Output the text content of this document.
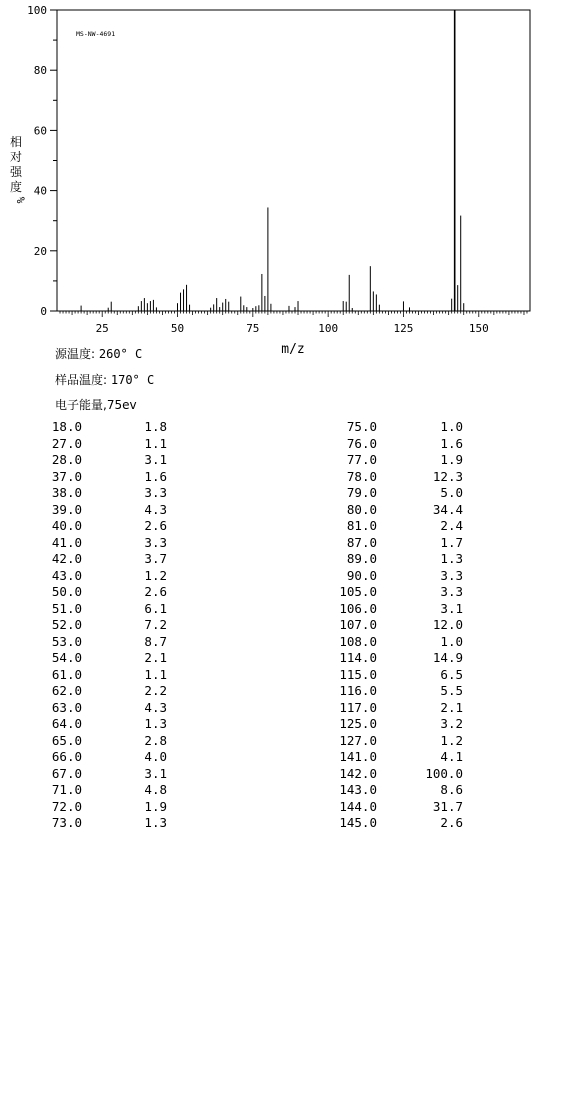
0
20
40
60
80
100
25	50	75	100	125	150
MS-NW-4691
m/z
相对强度
%
源温度: 260° C
样品温度: 170° C
电子能量,75ev
18.0	1.8
27.0	1.1
28.0	3.1
37.0	1.6
38.0	3.3
39.0	4.3
40.0	2.6
41.0	3.3
42.0	3.7
43.0	1.2
50.0	2.6
51.0	6.1
52.0	7.2
53.0	8.7
54.0	2.1
61.0	1.1
62.0	2.2
63.0	4.3
64.0	1.3
65.0	2.8
66.0	4.0
67.0	3.1
71.0	4.8
72.0	1.9
73.0	1.3
75.0	1.0
76.0	1.6
77.0	1.9
78.0	12.3
79.0	5.0
80.0	34.4
81.0	2.4
87.0	1.7
89.0	1.3
90.0	3.3
105.0	3.3
106.0	3.1
107.0	12.0
108.0	1.0
114.0	14.9
115.0	6.5
116.0	5.5
117.0	2.1
125.0	3.2
127.0	1.2
141.0	4.1
142.0	100.0
143.0	8.6
144.0	31.7
145.0	2.6
